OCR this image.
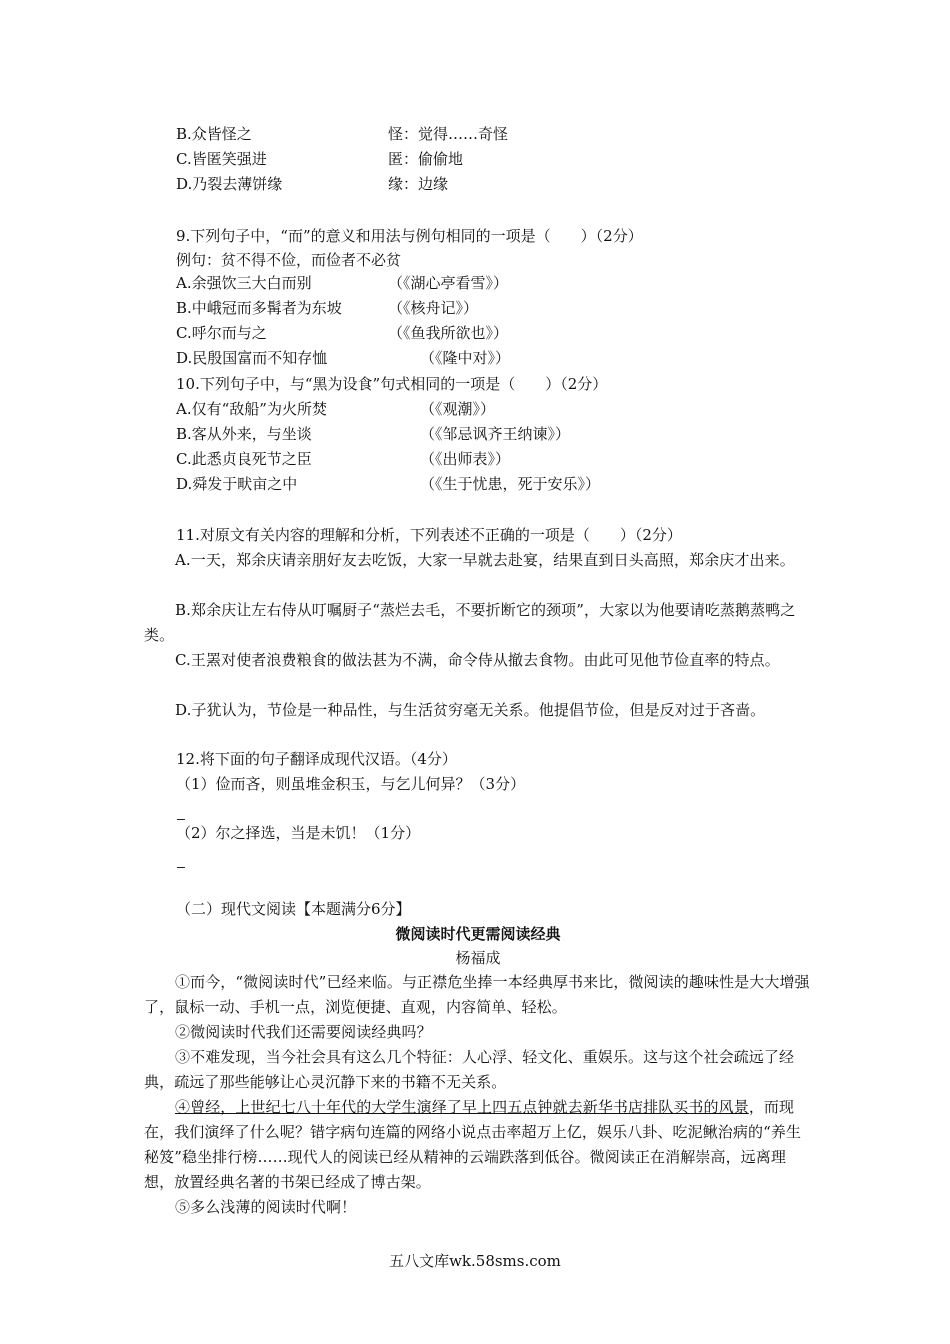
B.众皆怪之	怪：觉得……奇怪
C.皆匿笑强进	匿：偷偷地
D.乃裂去薄饼缘	缘：边缘
9.下列句子中，“而”的意义和用法与例句相同的一项是（　　）（2分）
例句：贫不得不俭，而俭者不必贫
A.余强饮三大白而别	（《湖心亭看雪》）
B.中峨冠而多髯者为东坡	（《核舟记》）
C.呼尔而与之	（《鱼我所欲也》）
D.民殷国富而不知存恤	（《隆中对》）
10.下列句子中，与“黑为设食”句式相同的一项是（　　）（2分）
A.仅有“敌船”为火所焚	（《观潮》）
B.客从外来，与坐谈	（《邹忌讽齐王纳谏》）
C.此悉贞良死节之臣	（《出师表》）
D.舜发于畎亩之中	（《生于忧患，死于安乐》）
11.对原文有关内容的理解和分析，下列表述不正确的一项是（　　）（2分）
A.一天，郑余庆请亲朋好友去吃饭，大家一早就去赴宴，结果直到日头高照，郑余庆才出来。
B.郑余庆让左右侍从叮嘱厨子“蒸烂去毛，不要折断它的颈项”，大家以为他要请吃蒸鹅蒸鸭之类。
C.王罴对使者浪费粮食的做法甚为不满，命令侍从撤去食物。由此可见他节俭直率的特点。
D.子犹认为，节俭是一种品性，与生活贫穷毫无关系。他提倡节俭，但是反对过于吝啬。
12.将下面的句子翻译成现代汉语。（4分）
（1）俭而吝，则虽堆金积玉，与乞儿何异？（3分）
（2）尔之择选，当是未饥！（1分）
（二）现代文阅读【本题满分6分】
微阅读时代更需阅读经典
杨福成
①而今，“微阅读时代”已经来临。与正襟危坐捧一本经典厚书来比，微阅读的趣味性是大大增强了，鼠标一动、手机一点，浏览便捷、直观，内容简单、轻松。
②微阅读时代我们还需要阅读经典吗？
③不难发现，当今社会具有这么几个特征：人心浮、轻文化、重娱乐。这与这个社会疏远了经典，疏远了那些能够让心灵沉静下来的书籍不无关系。
④曾经，上世纪七八十年代的大学生演绎了早上四五点钟就去新华书店排队买书的风景，而现在，我们演绎了什么呢？错字病句连篇的网络小说点击率超万上亿，娱乐八卦、吃泥鳅治病的“养生秘笈”稳坐排行榜……现代人的阅读已经从精神的云端跌落到低谷。微阅读正在消解崇高，远离理想，放置经典名著的书架已经成了博古架。
⑤多么浅薄的阅读时代啊！
五八文库wk.58sms.com
